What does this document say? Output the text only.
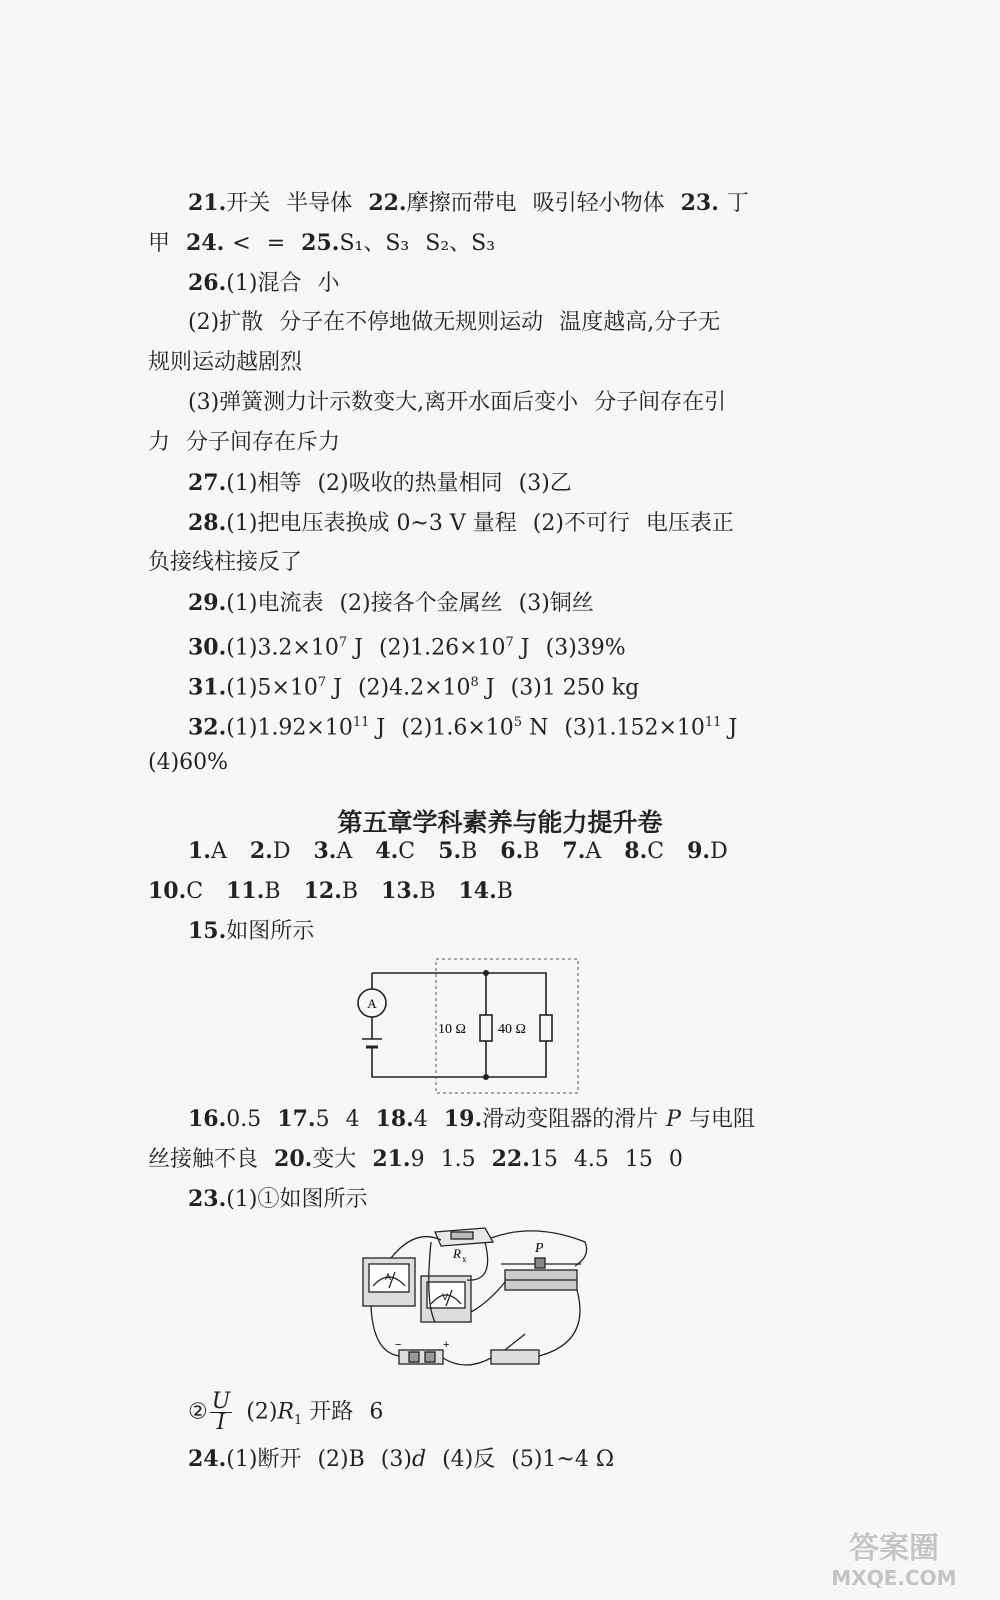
21.开关 半导体 22.摩擦而带电 吸引轻小物体 23. 丁
甲 24. < = 25.S₁、S₃ S₂、S₃
26.(1)混合 小
(2)扩散 分子在不停地做无规则运动 温度越高,分子无
规则运动越剧烈
(3)弹簧测力计示数变大,离开水面后变小 分子间存在引
力 分子间存在斥力
27.(1)相等 (2)吸收的热量相同 (3)乙
28.(1)把电压表换成 0~3 V 量程 (2)不可行 电压表正
负接线柱接反了
29.(1)电流表 (2)接各个金属丝 (3)铜丝
$30.(1)3.2\times 10^7$ J $(2)1.26\times 10^7$ J (3)39%
$31.(1)5\times 10^7$ J $(2)4.2\times 10^8$ J (3)1 250 kg
$32.(1)1.92\times 10^{11}$ J $(2)1.6\times 10^5$ N $(3)1.152\times 10^{11}$ J
(4)60%
第五章学科素养与能力提升卷
1.A 2.D 3.A 4.C 5.B 6.B 7.A 8.C 9.D
10.C 11.B 12.B 13.B 14.B
15.如图所示
A
10 Ω 40 Ω
16.0.5 17.5 4 18.4 19.滑动变阻器的滑片 P 与电阻
丝接触不良 20.变大 21.9 1.5 22.15 4.5 15 0
23.(1)①如图所示
R x
P
A
V
−	+
② $\frac{U}{I} (2)R_1$ 开路 6
24.(1)断开 (2)B (3)d (4)反 (5)1~4 Ω
答案圈
MXQE.COM
